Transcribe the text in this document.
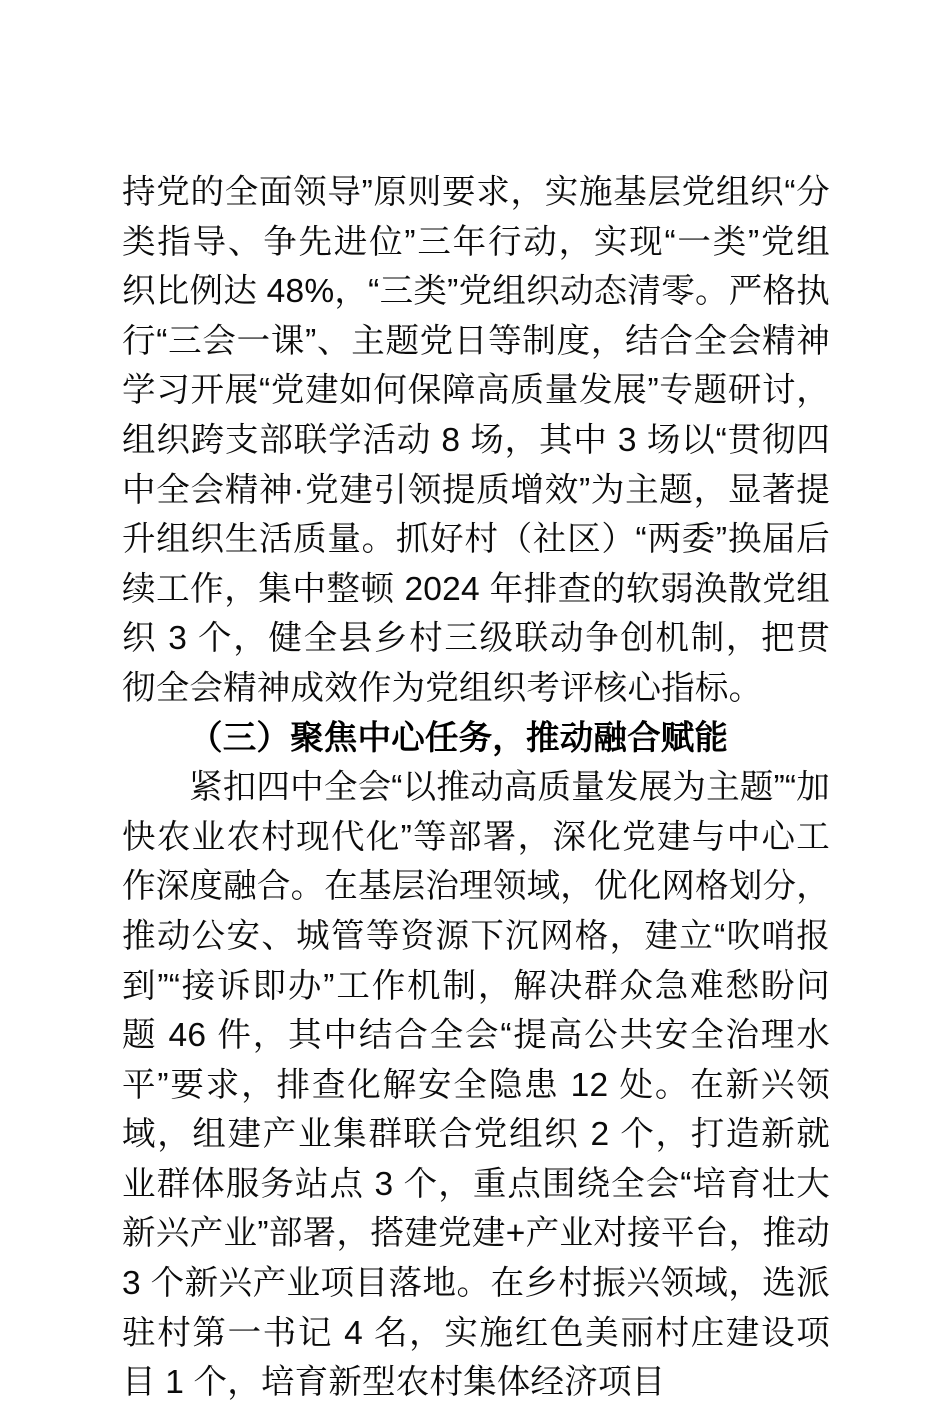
持党的全面领导”原则要求，实施基层党组织“分类指导、争先进位”三年行动，实现“一类”党组织比例达 48%，“三类”党组织动态清零。严格执行“三会一课”、主题党日等制度，结合全会精神学习开展“党建如何保障高质量发展”专题研讨，组织跨支部联学活动 8 场，其中 3 场以“贯彻四中全会精神·党建引领提质增效”为主题，显著提升组织生活质量。抓好村（社区）“两委”换届后续工作，集中整顿 2024 年排查的软弱涣散党组织 3 个，健全县乡村三级联动争创机制，把贯彻全会精神成效作为党组织考评核心指标。

（三）聚焦中心任务，推动融合赋能

紧扣四中全会“以推动高质量发展为主题”“加快农业农村现代化”等部署，深化党建与中心工作深度融合。在基层治理领域，优化网格划分，推动公安、城管等资源下沉网格，建立“吹哨报到”“接诉即办”工作机制，解决群众急难愁盼问题 46 件，其中结合全会“提高公共安全治理水平”要求，排查化解安全隐患 12 处。在新兴领域，组建产业集群联合党组织 2 个，打造新就业群体服务站点 3 个，重点围绕全会“培育壮大新兴产业”部署，搭建党建+产业对接平台，推动 3 个新兴产业项目落地。在乡村振兴领域，选派驻村第一书记 4 名，实施红色美丽村庄建设项目 1 个，培育新型农村集体经济项目
